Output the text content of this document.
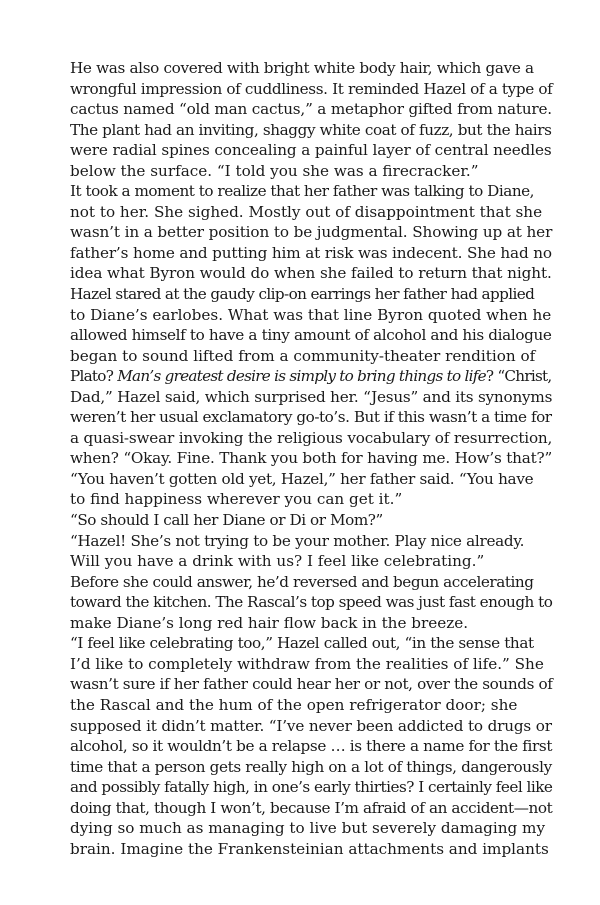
He was also covered with bright white body hair, which gave a
wrongful impression of cuddliness. It reminded Hazel of a type of
cactus named “old man cactus,” a metaphor gifted from nature.
The plant had an inviting, shaggy white coat of fuzz, but the hairs
were radial spines concealing a painful layer of central needles
below the surface. “I told you she was a firecracker.”

It took a moment to realize that her father was talking to Diane,
not to her. She sighed. Mostly out of disappointment that she
wasn’t in a better position to be judgmental. Showing up at her
father’s home and putting him at risk was indecent. She had no
idea what Byron would do when she failed to return that night.

Hazel stared at the gaudy clip-on earrings her father had applied
to Diane’s earlobes. What was that line Byron quoted when he
allowed himself to have a tiny amount of alcohol and his dialogue
began to sound lifted from a community-theater rendition of
Plato? Man’s greatest desire is simply to bring things to life? “Christ,
Dad,” Hazel said, which surprised her. “Jesus” and its synonyms
weren’t her usual exclamatory go-to’s. But if this wasn’t a time for
a quasi-swear invoking the religious vocabulary of resurrection,
when? “Okay. Fine. Thank you both for having me. How’s that?”

“You haven’t gotten old yet, Hazel,” her father said. “You have
to find happiness wherever you can get it.”

“So should I call her Diane or Di or Mom?”

“Hazel! She’s not trying to be your mother. Play nice already.
Will you have a drink with us? I feel like celebrating.”

Before she could answer, he’d reversed and begun accelerating
toward the kitchen. The Rascal’s top speed was just fast enough to
make Diane’s long red hair flow back in the breeze.

“I feel like celebrating too,” Hazel called out, “in the sense that
I’d like to completely withdraw from the realities of life.” She
wasn’t sure if her father could hear her or not, over the sounds of
the Rascal and the hum of the open refrigerator door; she
supposed it didn’t matter. “I’ve never been addicted to drugs or
alcohol, so it wouldn’t be a relapse … is there a name for the first
time that a person gets really high on a lot of things, dangerously
and possibly fatally high, in one’s early thirties? I certainly feel like
doing that, though I won’t, because I’m afraid of an accident—not
dying so much as managing to live but severely damaging my
brain. Imagine the Frankensteinian attachments and implants
